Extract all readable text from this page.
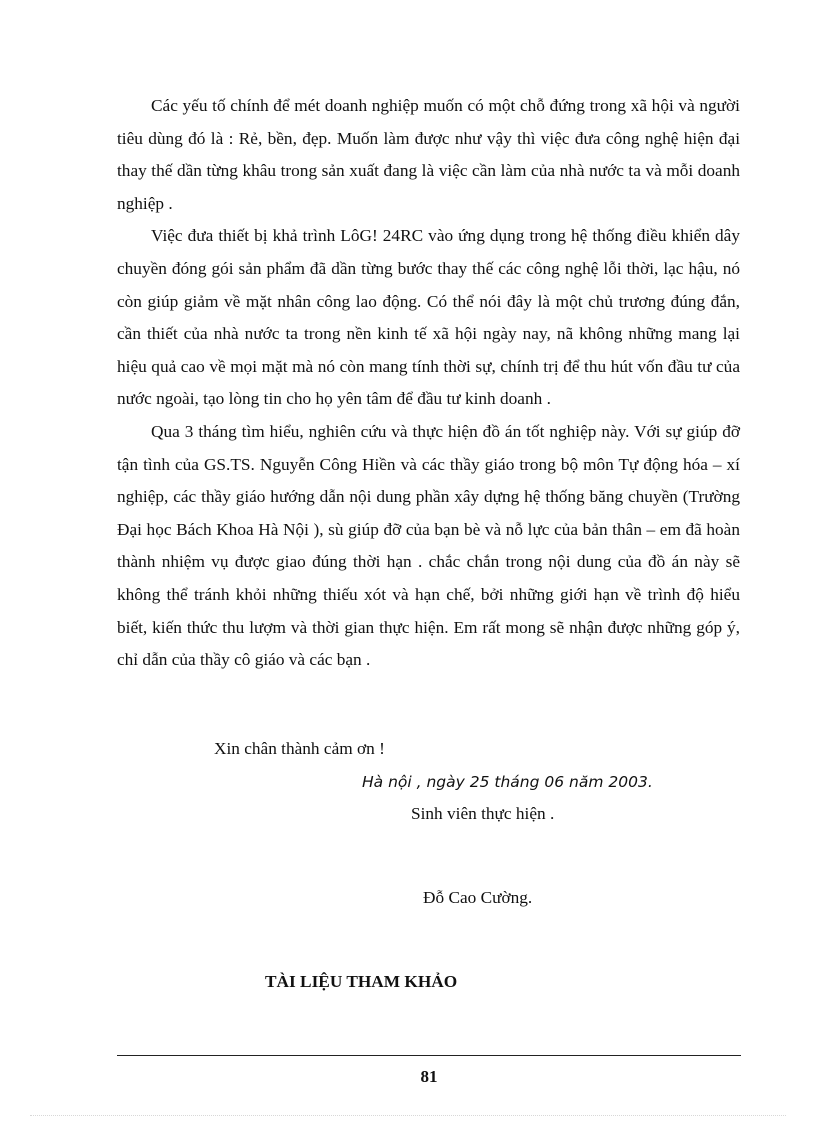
Các yếu tố chính để mét doanh nghiệp muốn có một chỗ đứng trong xã hội và người tiêu dùng đó là : Rẻ, bền, đẹp. Muốn làm được như vậy thì việc đưa công nghệ hiện đại thay thế dần từng khâu trong sản xuất đang là việc cần làm của nhà nước ta và mỗi doanh nghiệp .

Việc đưa thiết bị khả trình LôG! 24RC vào ứng dụng trong hệ thống điều khiển dây chuyền đóng gói sản phẩm đã dần từng bước thay thế các công nghệ lỗi thời, lạc hậu, nó còn giúp giảm về mặt nhân công lao động. Có thể nói đây là một chủ trương đúng đắn, cần thiết của nhà nước ta trong nền kinh tế xã hội ngày nay, nã không những mang lại hiệu quả cao về mọi mặt mà nó còn mang tính thời sự, chính trị để thu hút vốn đầu tư của nước ngoài, tạo lòng tin cho họ yên tâm để đầu tư kinh doanh .

Qua 3 tháng tìm hiểu, nghiên cứu và thực hiện đồ án tốt nghiệp này. Với sự giúp đỡ tận tình của GS.TS. Nguyễn Công Hiền và các thầy giáo trong bộ môn Tự động hóa – xí nghiệp, các thầy giáo hướng dẫn nội dung phần xây dựng hệ thống băng chuyền (Trường Đại học Bách Khoa Hà Nội ), sù giúp đỡ của bạn bè và nỗ lực của bản thân – em đã hoàn thành nhiệm vụ được giao đúng thời hạn . chắc chắn trong nội dung của đồ án này sẽ không thể tránh khỏi những thiếu xót và hạn chế, bởi những giới hạn về trình độ hiểu biết, kiến thức thu lượm và thời gian thực hiện. Em rất mong sẽ nhận được những góp ý, chỉ dẫn của thầy cô giáo và các bạn .

Xin chân thành cảm ơn !
Hà nội , ngày 25 tháng 06 năm 2003.
Sinh viên thực hiện .
Đỗ Cao Cường.
TÀI LIỆU THAM KHẢO
81
